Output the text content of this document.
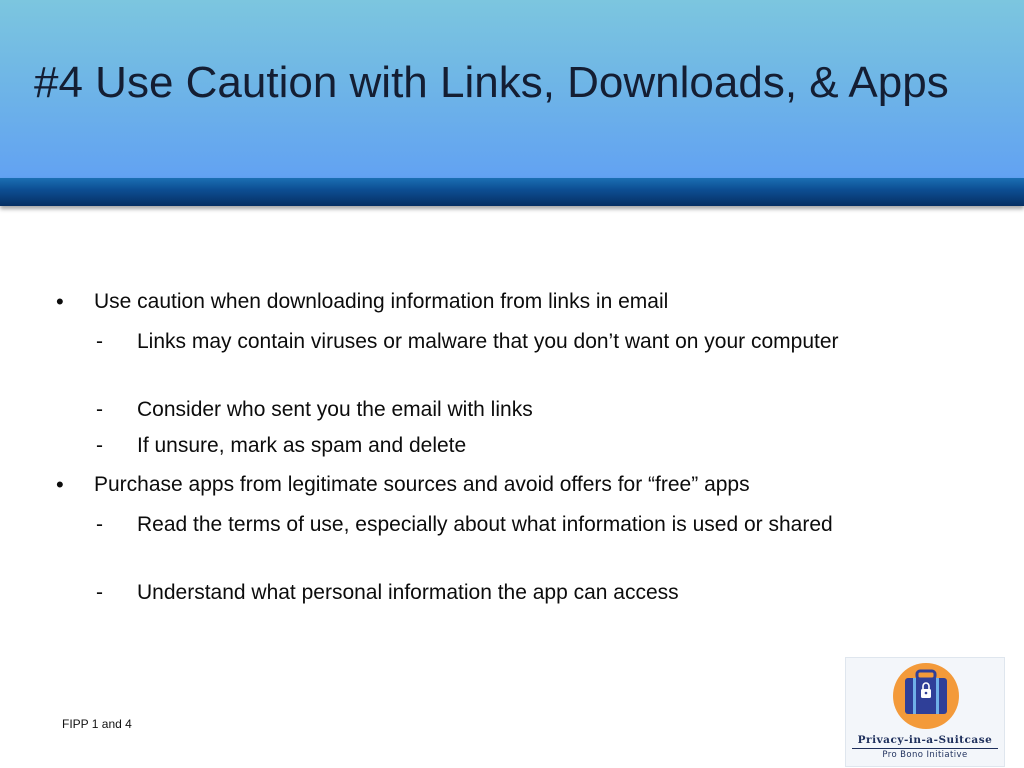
#4 Use Caution with Links, Downloads, & Apps
• Use caution when downloading information from links in email
- Links may contain viruses or malware that you don’t want on your computer
- Consider who sent you the email with links
- If unsure, mark as spam and delete
• Purchase apps from legitimate sources and avoid offers for “free” apps
- Read the terms of use, especially about what information is used or shared
- Understand what personal information the app can access
FIPP 1 and 4
Privacy-in-a-Suitcase
Pro Bono Initiative
